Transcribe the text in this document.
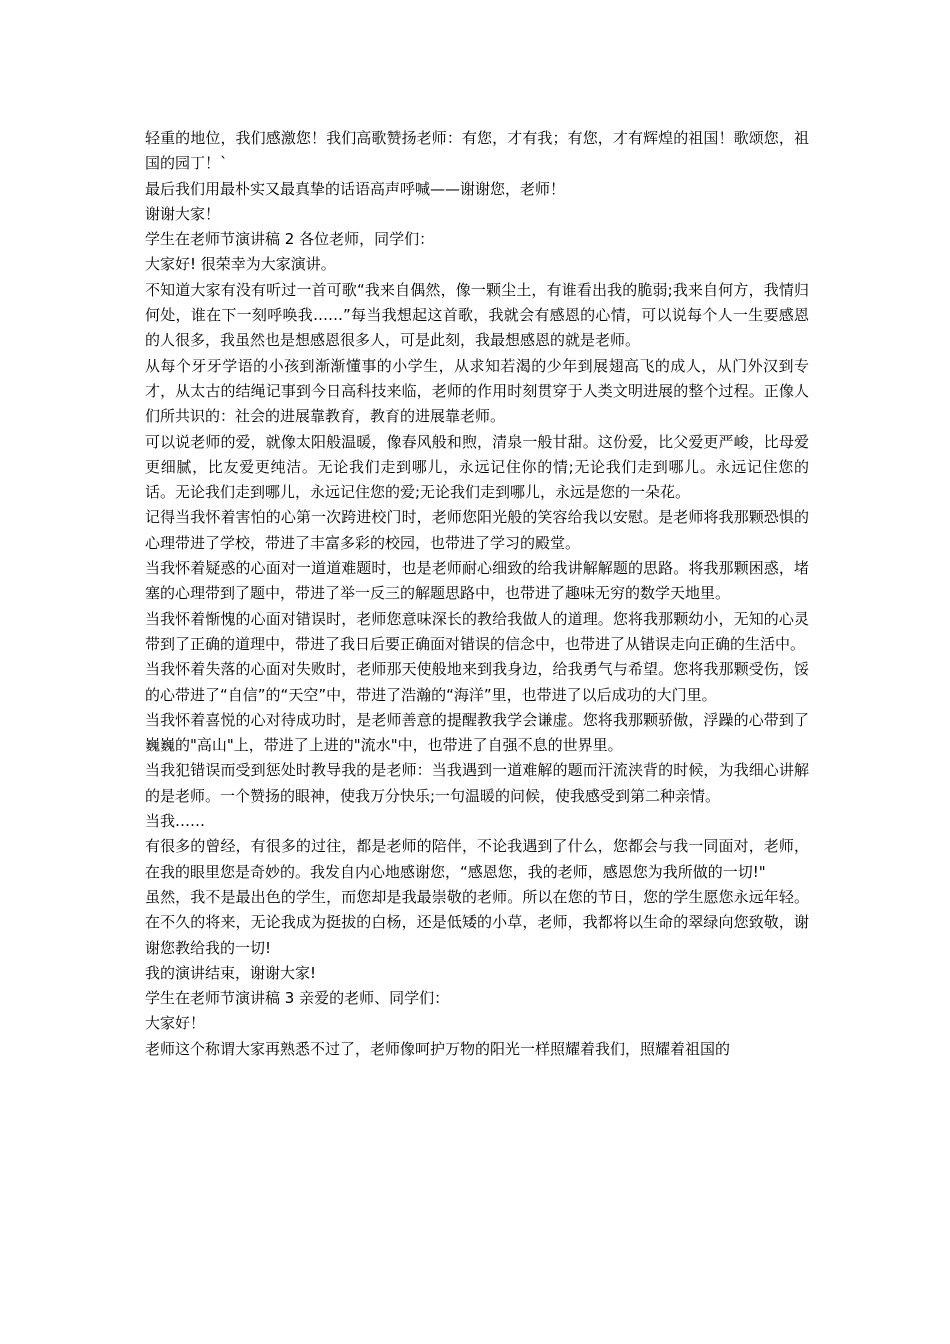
轻重的地位，我们感激您！我们高歌赞扬老师：有您，才有我；有您，才有辉煌的祖国！歌颂您，祖国的园丁！`

最后我们用最朴实又最真挚的话语高声呼喊——谢谢您，老师！

谢谢大家！

学生在老师节演讲稿 2 各位老师，同学们：

大家好! 很荣幸为大家演讲。

不知道大家有没有听过一首可歌“我来自偶然，像一颗尘土，有谁看出我的脆弱;我来自何方，我情归何处，谁在下一刻呼唤我……”每当我想起这首歌，我就会有感恩的心情，可以说每个人一生要感恩的人很多，我虽然也是想感恩很多人，可是此刻，我最想感恩的就是老师。

从每个牙牙学语的小孩到渐渐懂事的小学生，从求知若渴的少年到展翅高飞的成人，从门外汉到专才，从太古的结绳记事到今日高科技来临，老师的作用时刻贯穿于人类文明进展的整个过程。正像人们所共识的：社会的进展靠教育，教育的进展靠老师。

可以说老师的爱，就像太阳般温暖，像春风般和煦，清泉一般甘甜。这份爱，比父爱更严峻，比母爱更细腻，比友爱更纯洁。无论我们走到哪儿，永远记住你的情;无论我们走到哪儿。永远记住您的话。无论我们走到哪儿，永远记住您的爱;无论我们走到哪儿，永远是您的一朵花。

记得当我怀着害怕的心第一次跨进校门时，老师您阳光般的笑容给我以安慰。是老师将我那颗恐惧的心理带进了学校，带进了丰富多彩的校园，也带进了学习的殿堂。

当我怀着疑惑的心面对一道道难题时，也是老师耐心细致的给我讲解解题的思路。将我那颗困惑，堵塞的心理带到了题中，带进了举一反三的解题思路中，也带进了趣味无穷的数学天地里。

当我怀着惭愧的心面对错误时，老师您意味深长的教给我做人的道理。您将我那颗幼小，无知的心灵带到了正确的道理中，带进了我日后要正确面对错误的信念中，也带进了从错误走向正确的生活中。

当我怀着失落的心面对失败时，老师那天使般地来到我身边，给我勇气与希望。您将我那颗受伤，馁的心带进了“自信”的“天空”中，带进了浩瀚的“海洋”里，也带进了以后成功的大门里。

当我怀着喜悦的心对待成功时，是老师善意的提醒教我学会谦虚。您将我那颗骄傲，浮躁的心带到了巍巍的"高山"上，带进了上进的"流水"中，也带进了自强不息的世界里。

当我犯错误而受到惩处时教导我的是老师：当我遇到一道难解的题而汗流浃背的时候，为我细心讲解的是老师。一个赞扬的眼神，使我万分快乐;一句温暖的问候，使我感受到第二种亲情。

当我……

有很多的曾经，有很多的过往，都是老师的陪伴，不论我遇到了什么，您都会与我一同面对，老师，在我的眼里您是奇妙的。我发自内心地感谢您，“感恩您，我的老师，感恩您为我所做的一切!"

虽然，我不是最出色的学生，而您却是我最崇敬的老师。所以在您的节日，您的学生愿您永远年轻。在不久的将来，无论我成为挺拔的白杨，还是低矮的小草，老师，我都将以生命的翠绿向您致敬，谢谢您教给我的一切!

我的演讲结束，谢谢大家!

学生在老师节演讲稿 3 亲爱的老师、同学们：

大家好！

老师这个称谓大家再熟悉不过了，老师像呵护万物的阳光一样照耀着我们，照耀着祖国的
